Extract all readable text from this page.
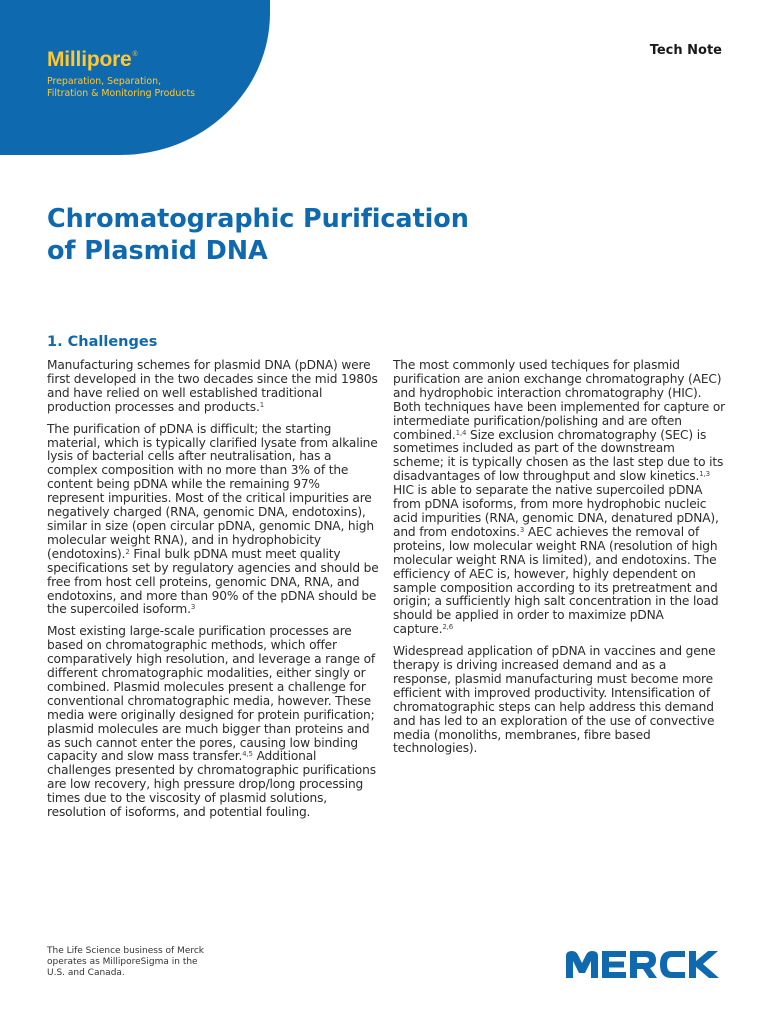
Millipore®
Preparation, Separation,
Filtration & Monitoring Products
Tech Note
Chromatographic Purification
of Plasmid DNA
1. Challenges

Manufacturing schemes for plasmid DNA (pDNA) were first developed in the two decades since the mid 1980s and have relied on well established traditional production processes and products.$^1$

The purification of pDNA is difficult; the starting material, which is typically clarified lysate from alkaline lysis of bacterial cells after neutralisation, has a complex composition with no more than 3% of the content being pDNA while the remaining 97% represent impurities. Most of the critical impurities are negatively charged (RNA, genomic DNA, endotoxins), similar in size (open circular pDNA, genomic DNA, high molecular weight RNA), and in hydrophobicity (endotoxins).$^2$ Final bulk pDNA must meet quality specifications set by regulatory agencies and should be free from host cell proteins, genomic DNA, RNA, and endotoxins, and more than 90% of the pDNA should be the supercoiled isoform.$^3$

Most existing large-scale purification processes are based on chromatographic methods, which offer comparatively high resolution, and leverage a range of different chromatographic modalities, either singly or combined. Plasmid molecules present a challenge for conventional chromatographic media, however. These media were originally designed for protein purification; plasmid molecules are much bigger than proteins and as such cannot enter the pores, causing low binding capacity and slow mass transfer.$^{4,5}$ Additional challenges presented by chromatographic purifications are low recovery, high pressure drop/long processing times due to the viscosity of plasmid solutions, resolution of isoforms, and potential fouling.

The most commonly used techiques for plasmid purification are anion exchange chromatography (AEC) and hydrophobic interaction chromatography (HIC). Both techniques have been implemented for capture or intermediate purification/polishing and are often combined.$^{1,4}$ Size exclusion chromatography (SEC) is sometimes included as part of the downstream scheme; it is typically chosen as the last step due to its disadvantages of low throughput and slow kinetics.$^{1,3}$ HIC is able to separate the native supercoiled pDNA from pDNA isoforms, from more hydrophobic nucleic acid impurities (RNA, genomic DNA, denatured pDNA), and from endotoxins.$^3$ AEC achieves the removal of proteins, low molecular weight RNA (resolution of high molecular weight RNA is limited), and endotoxins. The efficiency of AEC is, however, highly dependent on sample composition according to its pretreatment and origin; a sufficiently high salt concentration in the load should be applied in order to maximize pDNA capture.$^{2,6}$

Widespread application of pDNA in vaccines and gene therapy is driving increased demand and as a response, plasmid manufacturing must become more efficient with improved productivity. Intensification of chromatographic steps can help address this demand and has led to an exploration of the use of convective media (monoliths, membranes, fibre based technologies).

The Life Science business of Merck operates as MilliporeSigma in the U.S. and Canada.
